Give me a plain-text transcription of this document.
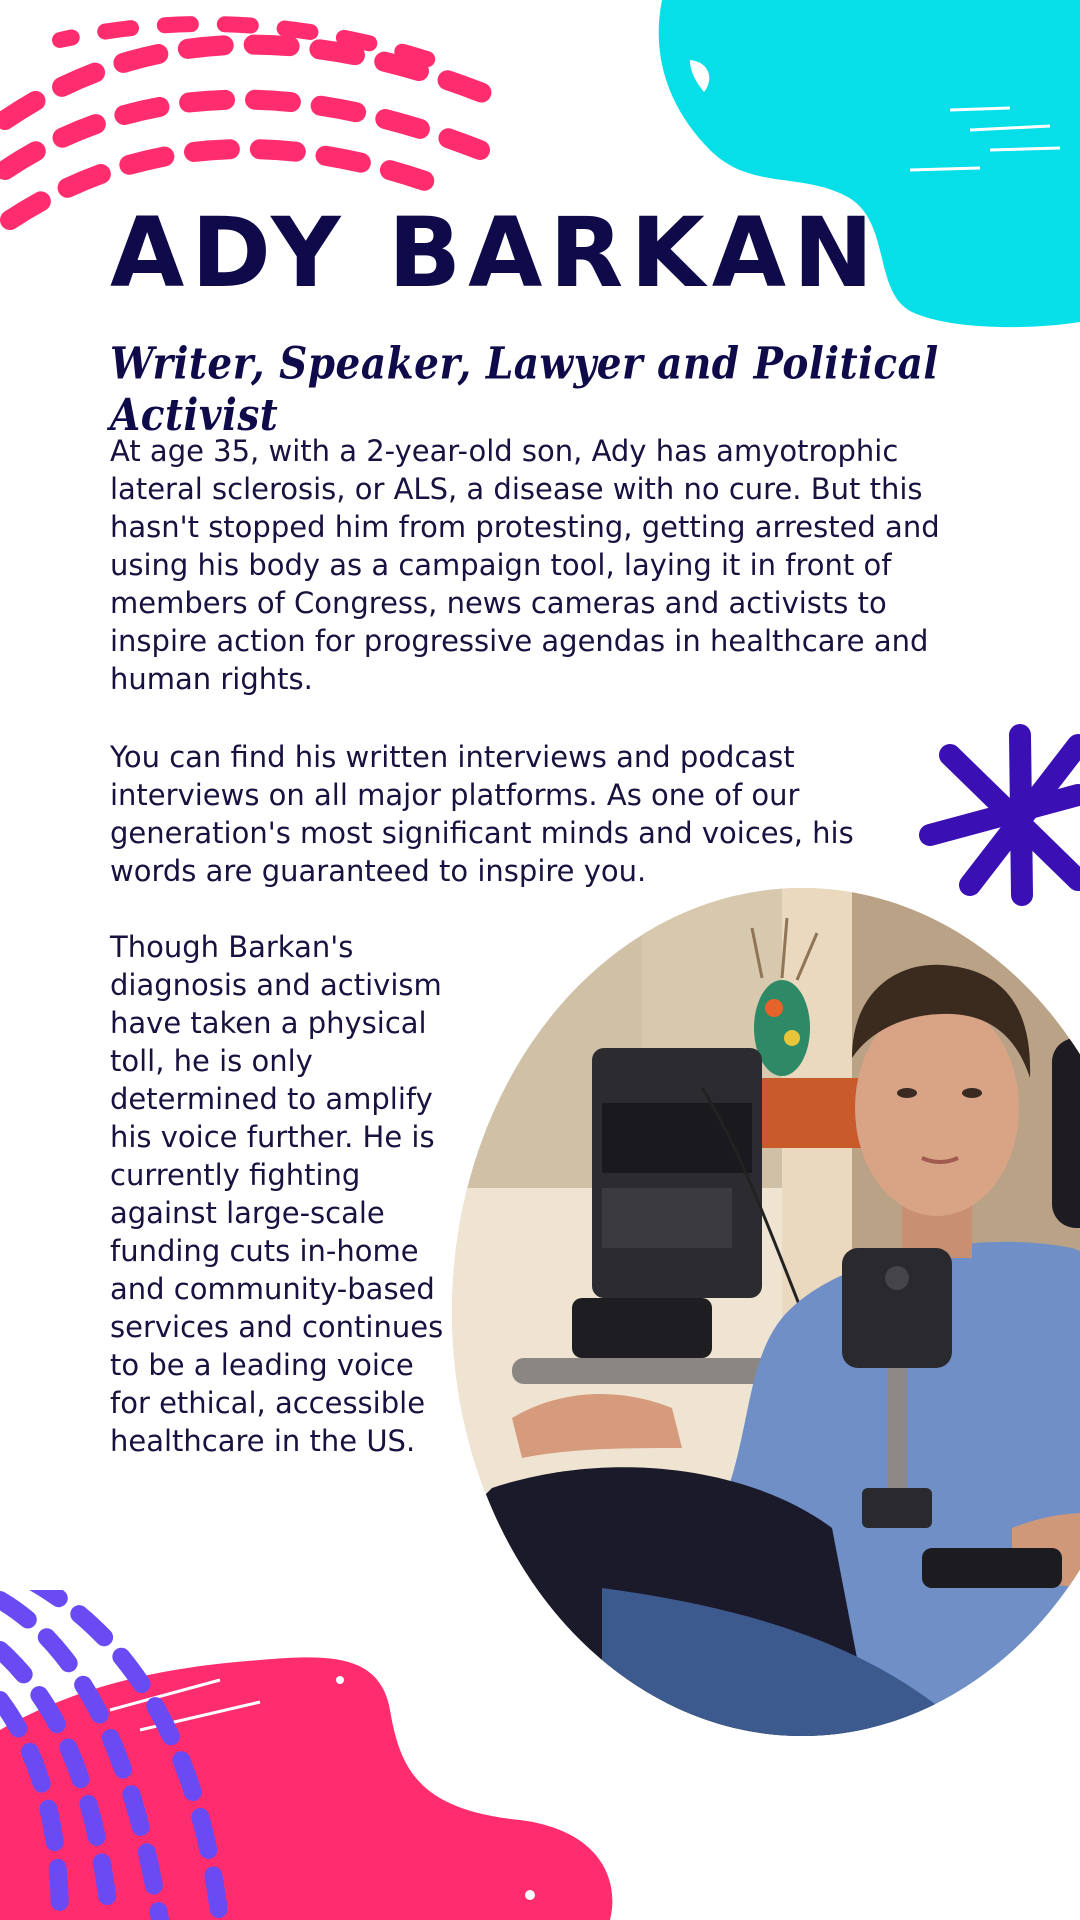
ADY BARKAN
Writer, Speaker, Lawyer and Political Activist

At age 35, with a 2-year-old son, Ady has amyotrophic lateral sclerosis, or ALS, a disease with no cure. But this hasn't stopped him from protesting, getting arrested and using his body as a campaign tool, laying it in front of members of Congress, news cameras and activists to inspire action for progressive agendas in healthcare and human rights.

You can find his written interviews and podcast interviews on all major platforms. As one of our generation's most significant minds and voices, his words are guaranteed to inspire you.

Though Barkan's diagnosis and activism have taken a physical toll, he is only determined to amplify his voice further. He is currently fighting against large-scale funding cuts in-home and community-based services and continues to be a leading voice for ethical, accessible healthcare in the US.
